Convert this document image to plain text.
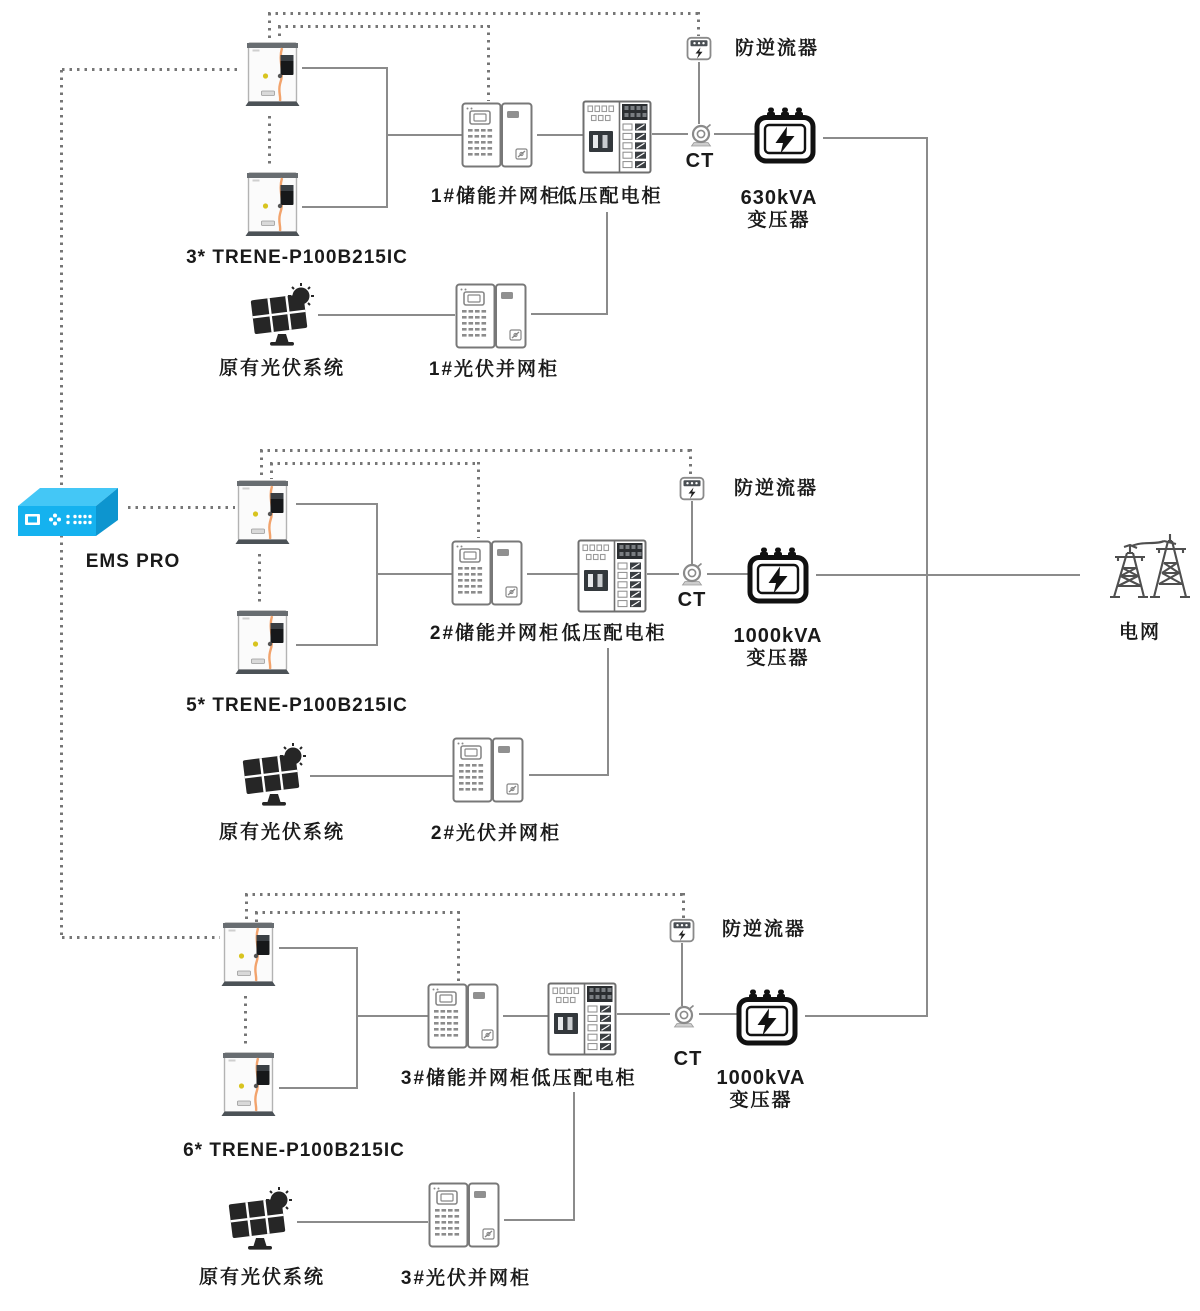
EMS PRO
电网
3* TRENE-P100B215IC
原有光伏系统
1#储能并网柜
低压配电柜
1#光伏并网柜
防逆流器
CT
630kVA
变压器
5* TRENE-P100B215IC
原有光伏系统
2#储能并网柜 低压配电柜
2#光伏并网柜
防逆流器
CT
1000kVA
变压器
6* TRENE-P100B215IC
原有光伏系统
3#储能并网柜 低压配电柜
3#光伏并网柜
防逆流器
CT
1000kVA
变压器
